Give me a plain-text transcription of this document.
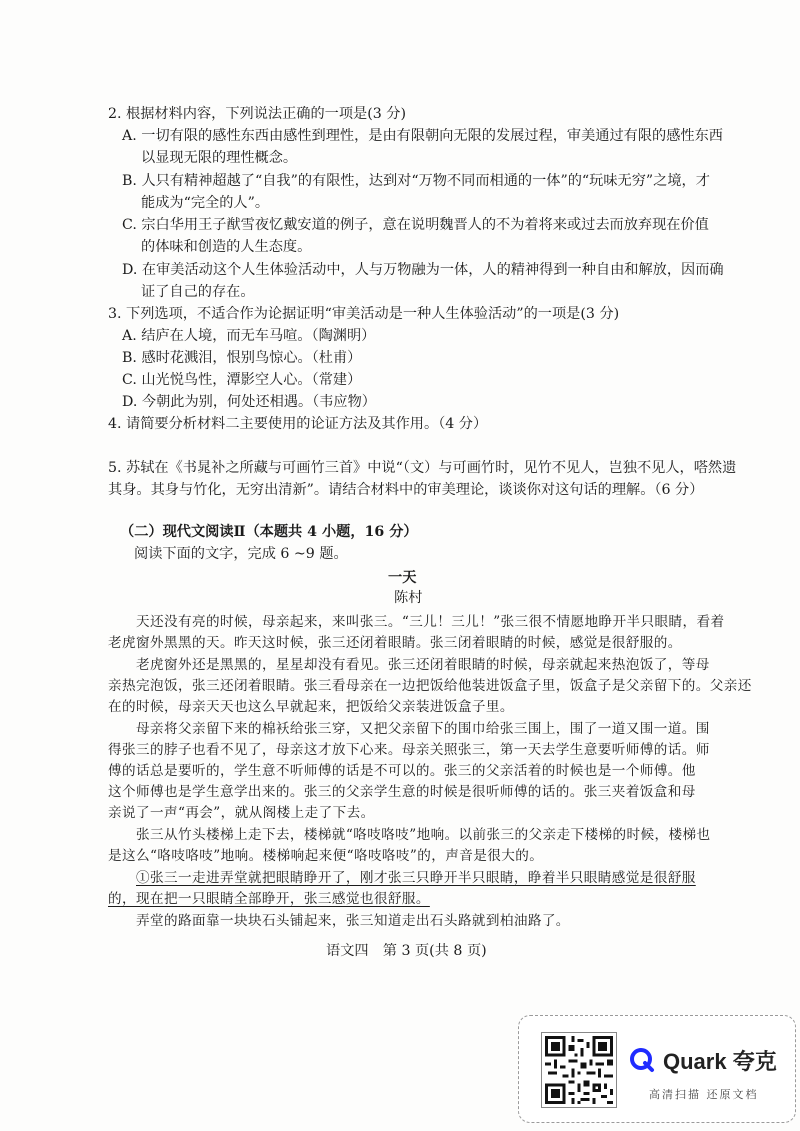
2. 根据材料内容，下列说法正确的一项是(3 分)
A. 一切有限的感性东西由感性到理性，是由有限朝向无限的发展过程，审美通过有限的感性东西
以显现无限的理性概念。
B. 人只有精神超越了“自我”的有限性，达到对“万物不同而相通的一体”的“玩味无穷”之境，才
能成为“完全的人”。
C. 宗白华用王子猷雪夜忆戴安道的例子，意在说明魏晋人的不为着将来或过去而放弃现在价值
的体味和创造的人生态度。
D. 在审美活动这个人生体验活动中，人与万物融为一体，人的精神得到一种自由和解放，因而确
证了自己的存在。
3. 下列选项，不适合作为论据证明“审美活动是一种人生体验活动”的一项是(3 分)
A. 结庐在人境，而无车马喧。（陶渊明）
B. 感时花溅泪，恨别鸟惊心。（杜甫）
C. 山光悦鸟性，潭影空人心。（常建）
D. 今朝此为别，何处还相遇。（韦应物）
4. 请简要分析材料二主要使用的论证方法及其作用。（4 分）
5. 苏轼在《书晁补之所藏与可画竹三首》中说“（文）与可画竹时，见竹不见人，岂独不见人，嗒然遗
其身。其身与竹化，无穷出清新”。请结合材料中的审美理论，谈谈你对这句话的理解。（6 分）
（二）现代文阅读Ⅱ（本题共 4 小题，16 分）
阅读下面的文字，完成 6 ~9 题。
一天
陈村
天还没有亮的时候，母亲起来，来叫张三。“三儿！三儿！”张三很不情愿地睁开半只眼睛，看着
老虎窗外黑黑的天。昨天这时候，张三还闭着眼睛。张三闭着眼睛的时候，感觉是很舒服的。
老虎窗外还是黑黑的，星星却没有看见。张三还闭着眼睛的时候，母亲就起来热泡饭了，等母
亲热完泡饭，张三还闭着眼睛。张三看母亲在一边把饭给他装进饭盒子里，饭盒子是父亲留下的。父亲还
在的时候，母亲天天也这么早就起来，把饭给父亲装进饭盒子里。
母亲将父亲留下来的棉袄给张三穿，又把父亲留下的围巾给张三围上，围了一道又围一道。围
得张三的脖子也看不见了，母亲这才放下心来。母亲关照张三，第一天去学生意要听师傅的话。师
傅的话总是要听的，学生意不听师傅的话是不可以的。张三的父亲活着的时候也是一个师傅。他
这个师傅也是学生意学出来的。张三的父亲学生意的时候是很听师傅的话的。张三夹着饭盒和母
亲说了一声“再会”，就从阁楼上走了下去。
张三从竹头楼梯上走下去，楼梯就“咯吱咯吱”地响。以前张三的父亲走下楼梯的时候，楼梯也
是这么“咯吱咯吱”地响。楼梯响起来便“咯吱咯吱”的，声音是很大的。
①张三一走进弄堂就把眼睛睁开了，刚才张三只睁开半只眼睛，睁着半只眼睛感觉是很舒服
的，现在把一只眼睛全部睁开，张三感觉也很舒服。
弄堂的路面靠一块块石头铺起来，张三知道走出石头路就到柏油路了。
语文四　第 3 页(共 8 页)
Quark 夸克
高清扫描 还原文档
